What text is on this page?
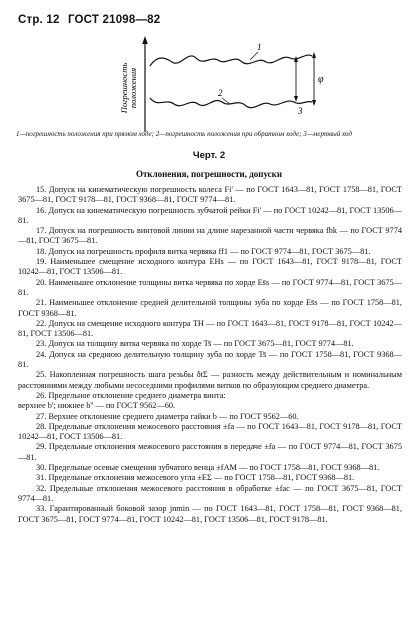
Стр. 12 ГОСТ 21098—82
Погрешность положения
1
2
3
φ
1—погрешность положения при прямом ходе; 2—погрешность положения при обратном ходе; 3—мертвый ход
Черт. 2
Отклонения, погрешности, допуски

15. Допуск на кинематическую погрешность колеса Fi' — по ГОСТ 1643—81, ГОСТ 1758—81, ГОСТ 3675—81, ГОСТ 9178—81, ГОСТ 9368—81, ГОСТ 9774—81.

16. Допуск на кинематическую погрешность зубчатой рейки Fi' — по ГОСТ 10242—81, ГОСТ 13506—81.

17. Допуск на погрешность винтовой линии на длине нарезанной части червяка fhk — по ГОСТ 9774—81, ГОСТ 3675—81.

18. Допуск на погрешность профиля витка червяка ff1 — по ГОСТ 9774—81, ГОСТ 3675—81.

19. Наименьшее смещение исходного контура EHs — по ГОСТ 1643—81, ГОСТ 9178—81, ГОСТ 10242—81, ГОСТ 13506—81.

20. Наименьшее отклонение толщины витка червяка по хорде Es̄s — по ГОСТ 9774—81, ГОСТ 3675—81.

21. Наименьшее отклонение средней делительной толщины зуба по хорде Es̄s — по ГОСТ 1758—81, ГОСТ 9368—81.

22. Допуск на смещение исходного контура TH — по ГОСТ 1643—81, ГОСТ 9178—81, ГОСТ 10242—81, ГОСТ 13506—81.

23. Допуск на толщину витка червяка по хорде Ts̄ — по ГОСТ 3675—81, ГОСТ 9774—81.

24. Допуск на среднюю делительную толщину зуба по хорде Ts̄ — по ГОСТ 1758—81, ГОСТ 9368—81.

25. Накопленная погрешность шага резьбы δtΣ — разность между действительным и номинальным расстояниями между любыми несоседними профилями витков по образующим среднего диаметра.

26. Предельное отклонение среднего диаметра винта:

верхнее b'; нижнее b'' — по ГОСТ 9562—60.

27. Верхнее отклонение среднего диаметра гайки b — по ГОСТ 9562—60.

28. Предельные отклонения межосевого расстояния ±fa — по ГОСТ 1643—81, ГОСТ 9178—81, ГОСТ 10242—81, ГОСТ 13506—81.

29. Предельные отклонения межосевого расстояния в передаче ±fa — по ГОСТ 9774—81, ГОСТ 3675—81.

30. Предельные осевые смещения зубчатого венца ±fAM — по ГОСТ 1758—81, ГОСТ 9368—81.

31. Предельные отклонения межосевого угла ±EΣ — по ГОСТ 1758—81, ГОСТ 9368—81.

32. Предельные отклонения межосевого расстояния в обработке ±fac — по ГОСТ 3675—81, ГОСТ 9774—81.

33. Гарантированный боковой зазор jnmin — по ГОСТ 1643—81, ГОСТ 1758—81, ГОСТ 9368—81, ГОСТ 3675—81, ГОСТ 9774—81, ГОСТ 10242—81, ГОСТ 13506—81, ГОСТ 9178—81.
